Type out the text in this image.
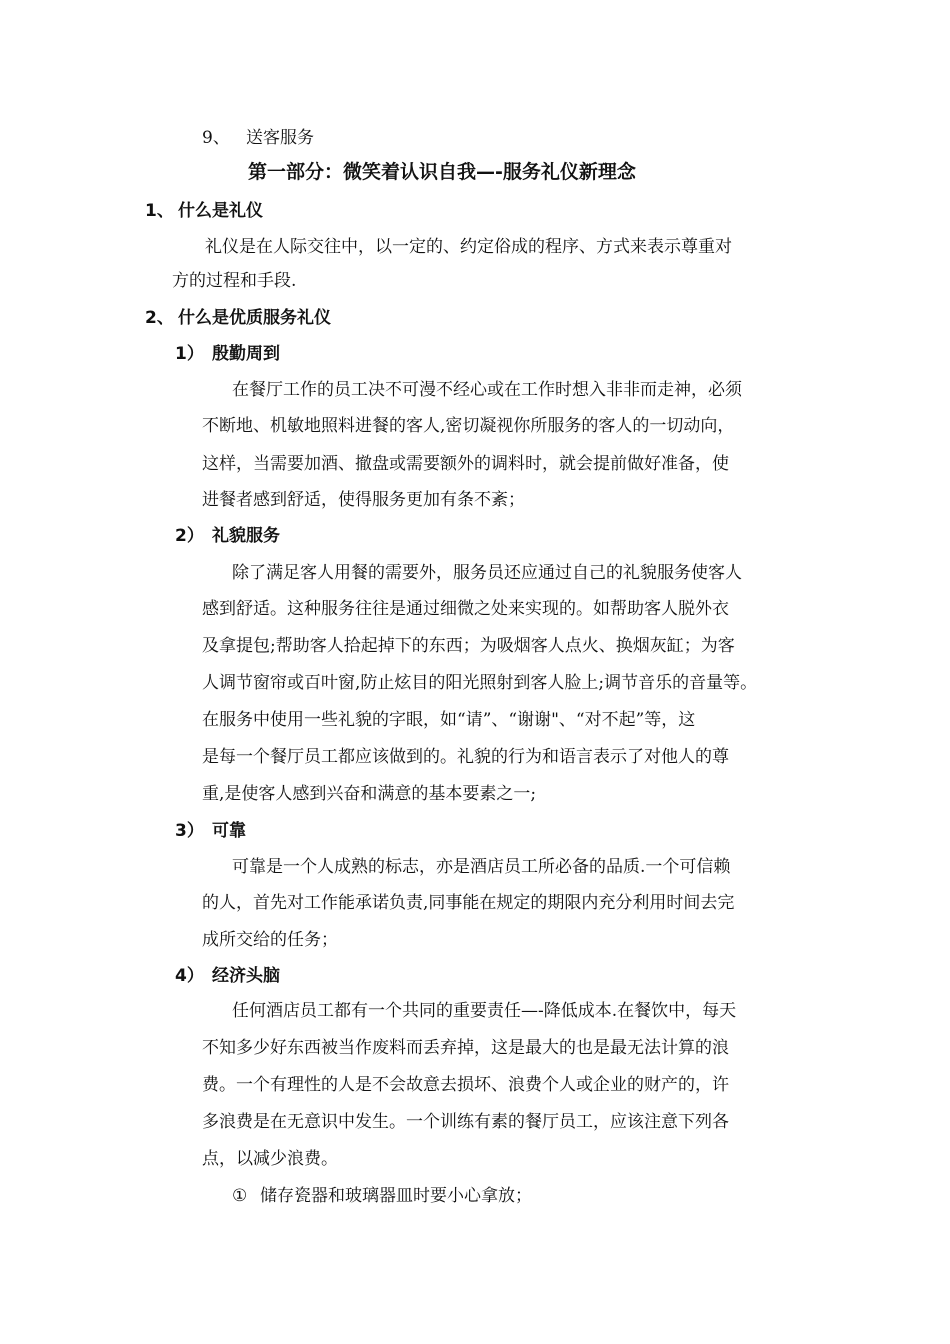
9、 送客服务
第一部分：微笑着认识自我—-服务礼仪新理念
1、 什么是礼仪
礼仪是在人际交往中，以一定的、约定俗成的程序、方式来表示尊重对
方的过程和手段.
2、 什么是优质服务礼仪
1） 殷勤周到
在餐厅工作的员工决不可漫不经心或在工作时想入非非而走神，必须
不断地、机敏地照料进餐的客人,密切凝视你所服务的客人的一切动向，
这样，当需要加酒、撤盘或需要额外的调料时，就会提前做好准备，使
进餐者感到舒适，使得服务更加有条不紊；
2） 礼貌服务
除了满足客人用餐的需要外，服务员还应通过自己的礼貌服务使客人
感到舒适。这种服务往往是通过细微之处来实现的。如帮助客人脱外衣
及拿提包;帮助客人拾起掉下的东西；为吸烟客人点火、换烟灰缸；为客
人调节窗帘或百叶窗,防止炫目的阳光照射到客人脸上;调节音乐的音量等。
在服务中使用一些礼貌的字眼，如“请”、“谢谢"、“对不起”等，这
是每一个餐厅员工都应该做到的。礼貌的行为和语言表示了对他人的尊
重,是使客人感到兴奋和满意的基本要素之一;
3） 可靠
可靠是一个人成熟的标志，亦是酒店员工所必备的品质.一个可信赖
的人，首先对工作能承诺负责,同事能在规定的期限内充分利用时间去完
成所交给的任务；
4） 经济头脑
任何酒店员工都有一个共同的重要责任—-降低成本.在餐饮中，每天
不知多少好东西被当作废料而丢弃掉，这是最大的也是最无法计算的浪
费。一个有理性的人是不会故意去损坏、浪费个人或企业的财产的，许
多浪费是在无意识中发生。一个训练有素的餐厅员工，应该注意下列各
点，以减少浪费。
① 储存瓷器和玻璃器皿时要小心拿放；
